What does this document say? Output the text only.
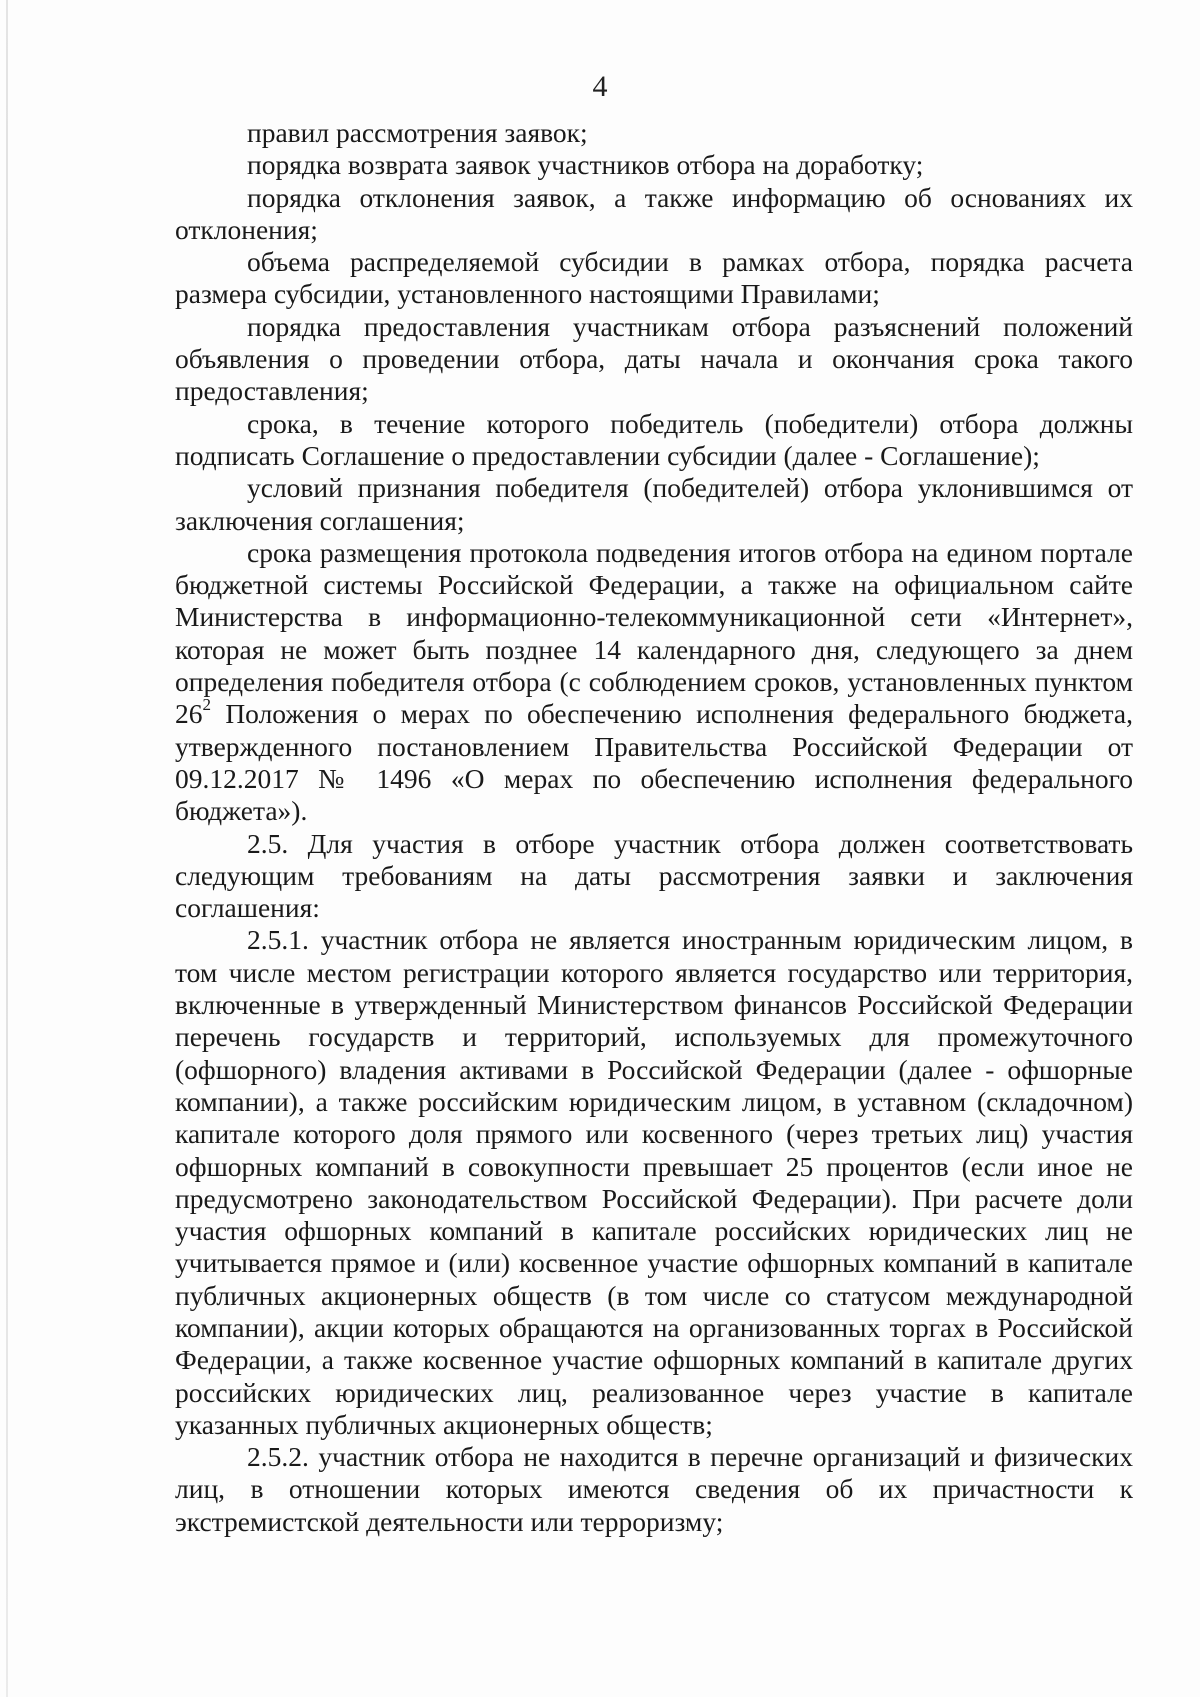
4

правил рассмотрения заявок;

порядка возврата заявок участников отбора на доработку;

порядка отклонения заявок, а также информацию об основаниях их отклонения;

объема распределяемой субсидии в рамках отбора, порядка расчета размера субсидии, установленного настоящими Правилами;

порядка предоставления участникам отбора разъяснений положений объявления о проведении отбора, даты начала и окончания срока такого предоставления;

срока, в течение которого победитель (победители) отбора должны подписать Соглашение о предоставлении субсидии (далее - Соглашение);

условий признания победителя (победителей) отбора уклонившимся от заключения соглашения;

срока размещения протокола подведения итогов отбора на едином портале бюджетной системы Российской Федерации, а также на официальном сайте Министерства в информационно-телекоммуникационной сети «Интернет», которая не может быть позднее 14 календарного дня, следующего за днем определения победителя отбора (с соблюдением сроков, установленных пунктом $26^2$ Положения о мерах по обеспечению исполнения федерального бюджета, утвержденного постановлением Правительства Российской Федерации от 09.12.2017 № 1496 «О мерах по обеспечению исполнения федерального бюджета»).

2.5. Для участия в отборе участник отбора должен соответствовать следующим требованиям на даты рассмотрения заявки и заключения соглашения:

2.5.1. участник отбора не является иностранным юридическим лицом, в том числе местом регистрации которого является государство или территория, включенные в утвержденный Министерством финансов Российской Федерации перечень государств и территорий, используемых для промежуточного (офшорного) владения активами в Российской Федерации (далее - офшорные компании), а также российским юридическим лицом, в уставном (складочном) капитале которого доля прямого или косвенного (через третьих лиц) участия офшорных компаний в совокупности превышает 25 процентов (если иное не предусмотрено законодательством Российской Федерации). При расчете доли участия офшорных компаний в капитале российских юридических лиц не учитывается прямое и (или) косвенное участие офшорных компаний в капитале публичных акционерных обществ (в том числе со статусом международной компании), акции которых обращаются на организованных торгах в Российской Федерации, а также косвенное участие офшорных компаний в капитале других российских юридических лиц, реализованное через участие в капитале указанных публичных акционерных обществ;

2.5.2. участник отбора не находится в перечне организаций и физических лиц, в отношении которых имеются сведения об их причастности к экстремистской деятельности или терроризму;
